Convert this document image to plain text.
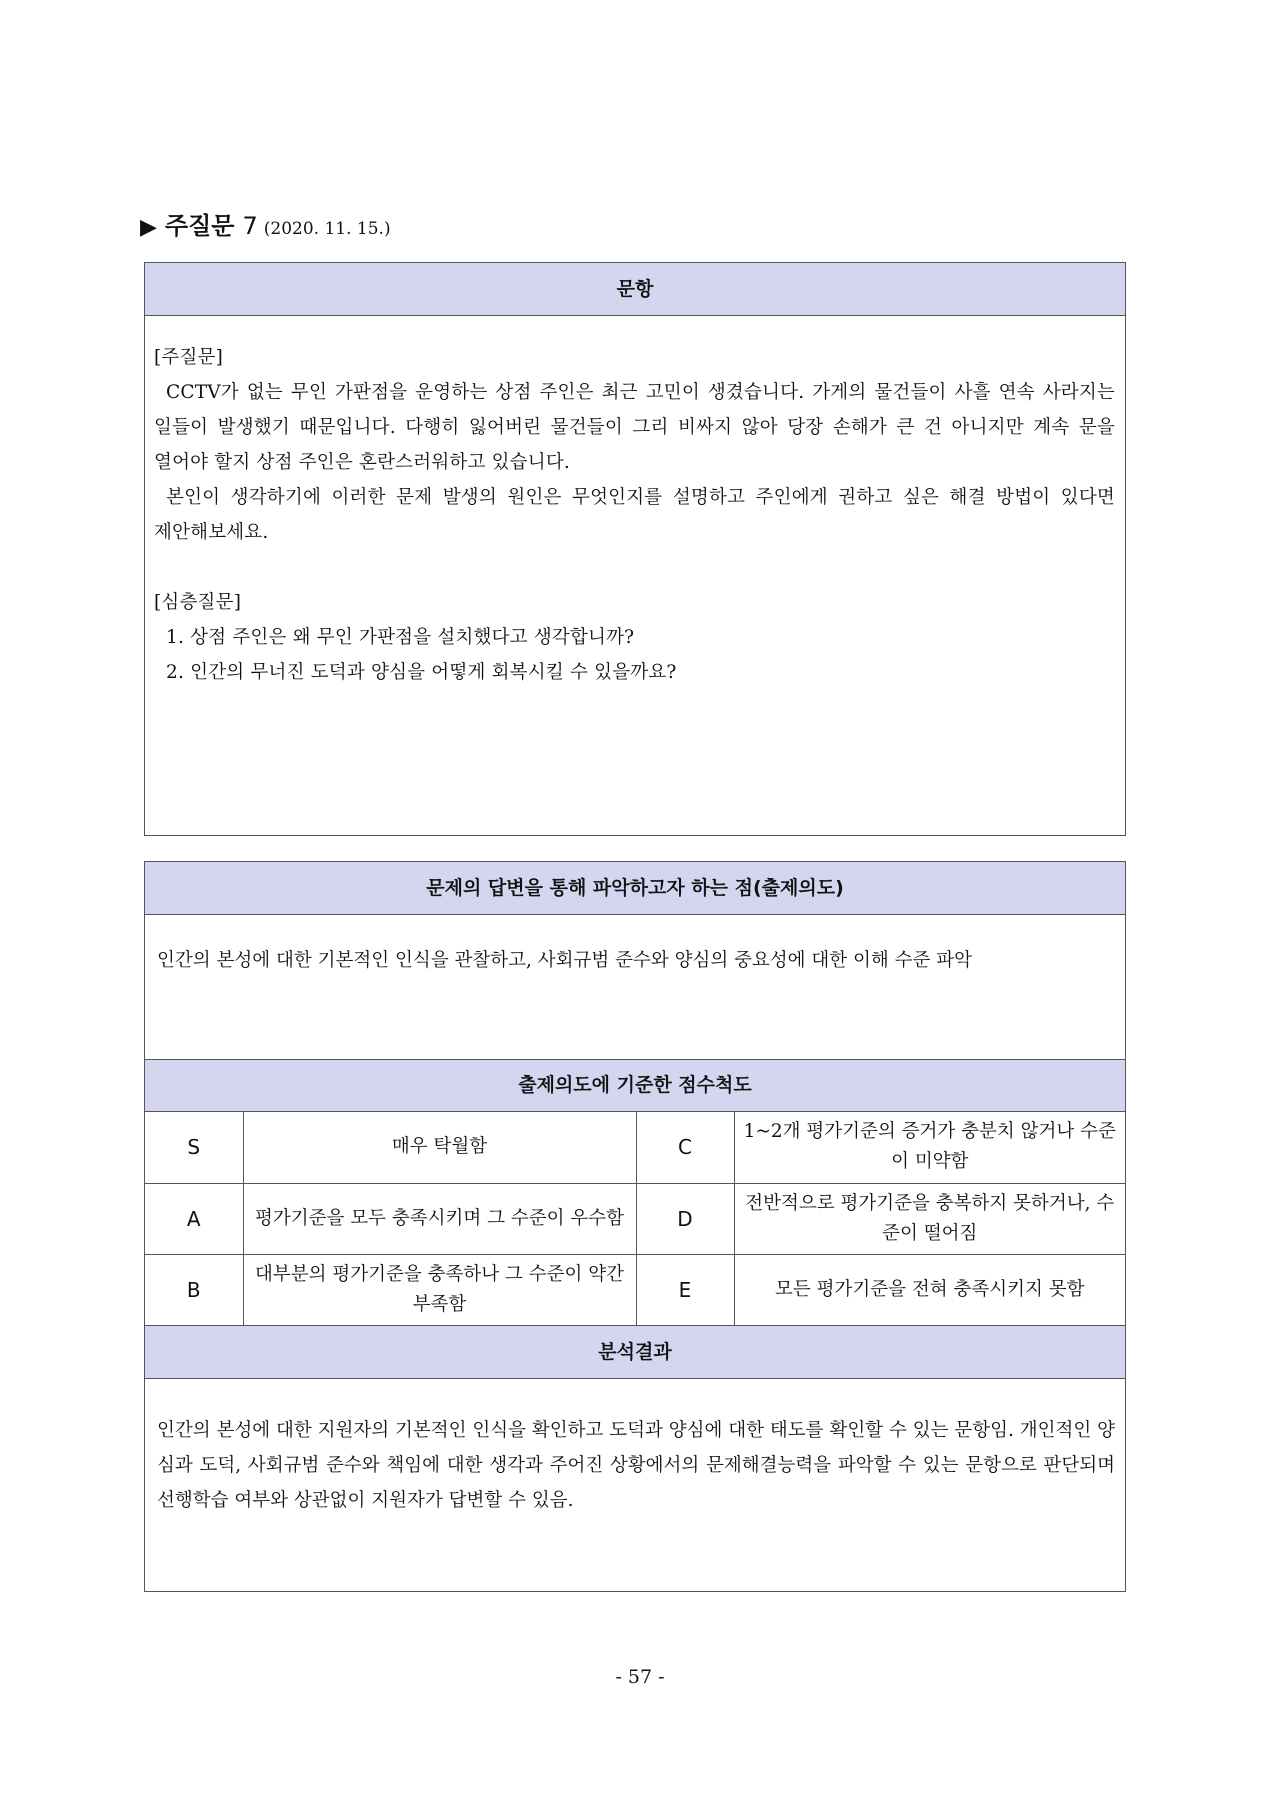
▶ 주질문 7 (2020. 11. 15.)
문항
[주질문]
CCTV가 없는 무인 가판점을 운영하는 상점 주인은 최근 고민이 생겼습니다. 가게의 물건들이 사흘 연속 사라지는 일들이 발생했기 때문입니다. 다행히 잃어버린 물건들이 그리 비싸지 않아 당장 손해가 큰 건 아니지만 계속 문을 열어야 할지 상점 주인은 혼란스러워하고 있습니다.
본인이 생각하기에 이러한 문제 발생의 원인은 무엇인지를 설명하고 주인에게 권하고 싶은 해결 방법이 있다면 제안해보세요.
[심층질문]
1. 상점 주인은 왜 무인 가판점을 설치했다고 생각합니까?
2. 인간의 무너진 도덕과 양심을 어떻게 회복시킬 수 있을까요?
문제의 답변을 통해 파악하고자 하는 점(출제의도)
인간의 본성에 대한 기본적인 인식을 관찰하고, 사회규범 준수와 양심의 중요성에 대한 이해 수준 파악
출제의도에 기준한 점수척도
S	매우 탁월함	C	1~2개 평가기준의 증거가 충분치 않거나 수준이 미약함
A	평가기준을 모두 충족시키며 그 수준이 우수함	D	전반적으로 평가기준을 충복하지 못하거나, 수준이 떨어짐
B	대부분의 평가기준을 충족하나 그 수준이 약간 부족함	E	모든 평가기준을 전혀 충족시키지 못함
분석결과
인간의 본성에 대한 지원자의 기본적인 인식을 확인하고 도덕과 양심에 대한 태도를 확인할 수 있는 문항임. 개인적인 양심과 도덕, 사회규범 준수와 책임에 대한 생각과 주어진 상황에서의 문제해결능력을 파악할 수 있는 문항으로 판단되며 선행학습 여부와 상관없이 지원자가 답변할 수 있음.
- 57 -
